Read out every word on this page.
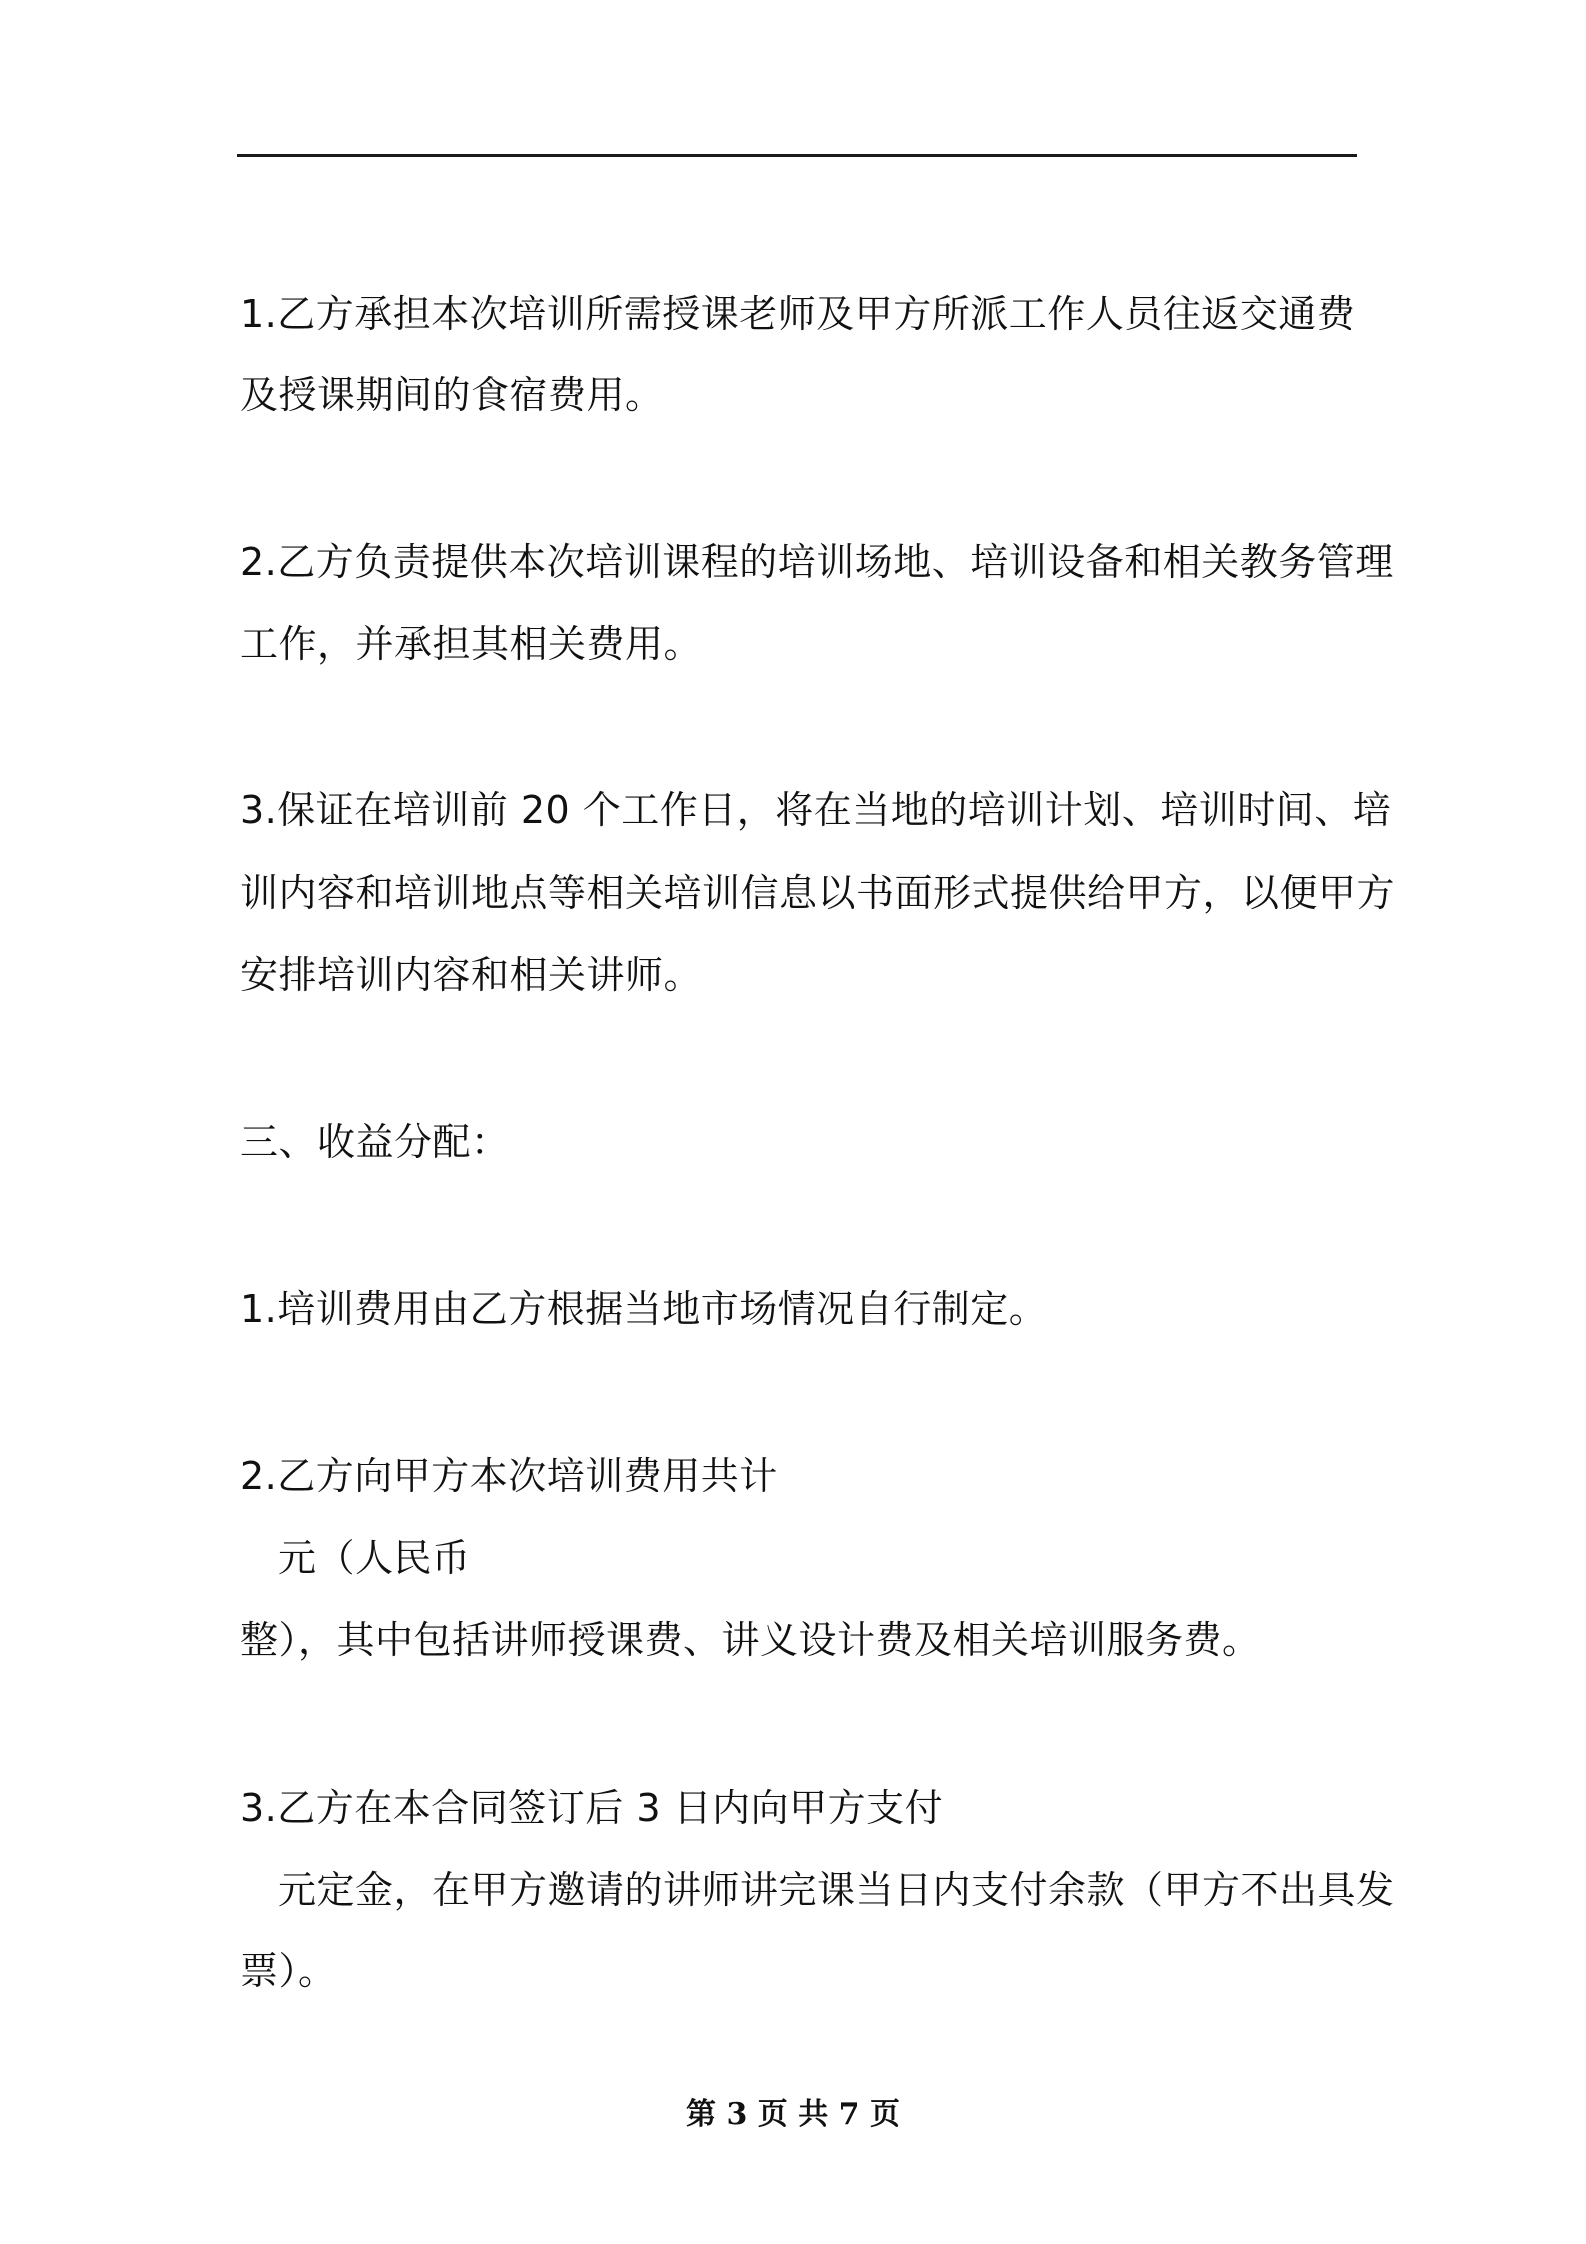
1.乙方承担本次培训所需授课老师及甲方所派工作人员往返交通费
及授课期间的食宿费用。
2.乙方负责提供本次培训课程的培训场地、培训设备和相关教务管理
工作，并承担其相关费用。
3.保证在培训前 20 个工作日，将在当地的培训计划、培训时间、培
训内容和培训地点等相关培训信息以书面形式提供给甲方，以便甲方
安排培训内容和相关讲师。
三、收益分配：
1.培训费用由乙方根据当地市场情况自行制定。
2.乙方向甲方本次培训费用共计
元（人民币
整），其中包括讲师授课费、讲义设计费及相关培训服务费。
3.乙方在本合同签订后 3 日内向甲方支付
元定金，在甲方邀请的讲师讲完课当日内支付余款（甲方不出具发
票）。
第 3 页 共 7 页
